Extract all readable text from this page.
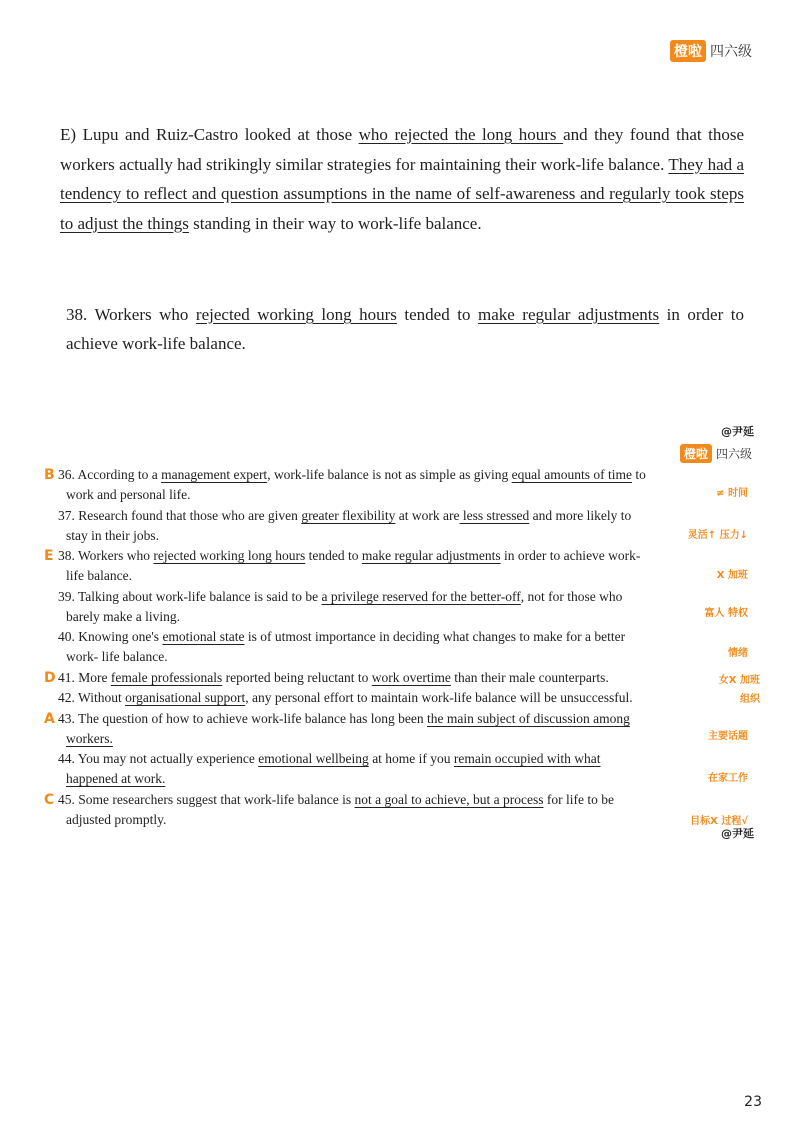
橙啦 四六级
E) Lupu and Ruiz-Castro looked at those who rejected the long hours and they found that those workers actually had strikingly similar strategies for maintaining their work-life balance. They had a tendency to reflect and question assumptions in the name of self-awareness and regularly took steps to adjust the things standing in their way to work-life balance.
38. Workers who rejected working long hours tended to make regular adjustments in order to achieve work-life balance.
@尹延
橙啦 四六级
B 36. According to a management expert, work-life balance is not as simple as giving equal amounts of time to
work and personal life.	≠ 时间
37. Research found that those who are given greater flexibility at work are less stressed and more likely to
stay in their jobs.	灵活↑ 压力↓
E 38. Workers who rejected working long hours tended to make regular adjustments in order to achieve work-
life balance.	X 加班
39. Talking about work-life balance is said to be a privilege reserved for the better-off, not for those who
barely make a living.	富人 特权
40. Knowing one's emotional state is of utmost importance in deciding what changes to make for a better
work- life balance.	情绪
D 41. More female professionals reported being reluctant to work overtime than their male counterparts.	女X 加班
42. Without organisational support, any personal effort to maintain work-life balance will be unsuccessful.	组织
A 43. The question of how to achieve work-life balance has long been the main subject of discussion among
workers.	主要话题
44. You may not actually experience emotional wellbeing at home if you remain occupied with what
happened at work.	在家工作
C 45. Some researchers suggest that work-life balance is not a goal to achieve, but a process for life to be
adjusted promptly.	目标X 过程√
@尹延
23
